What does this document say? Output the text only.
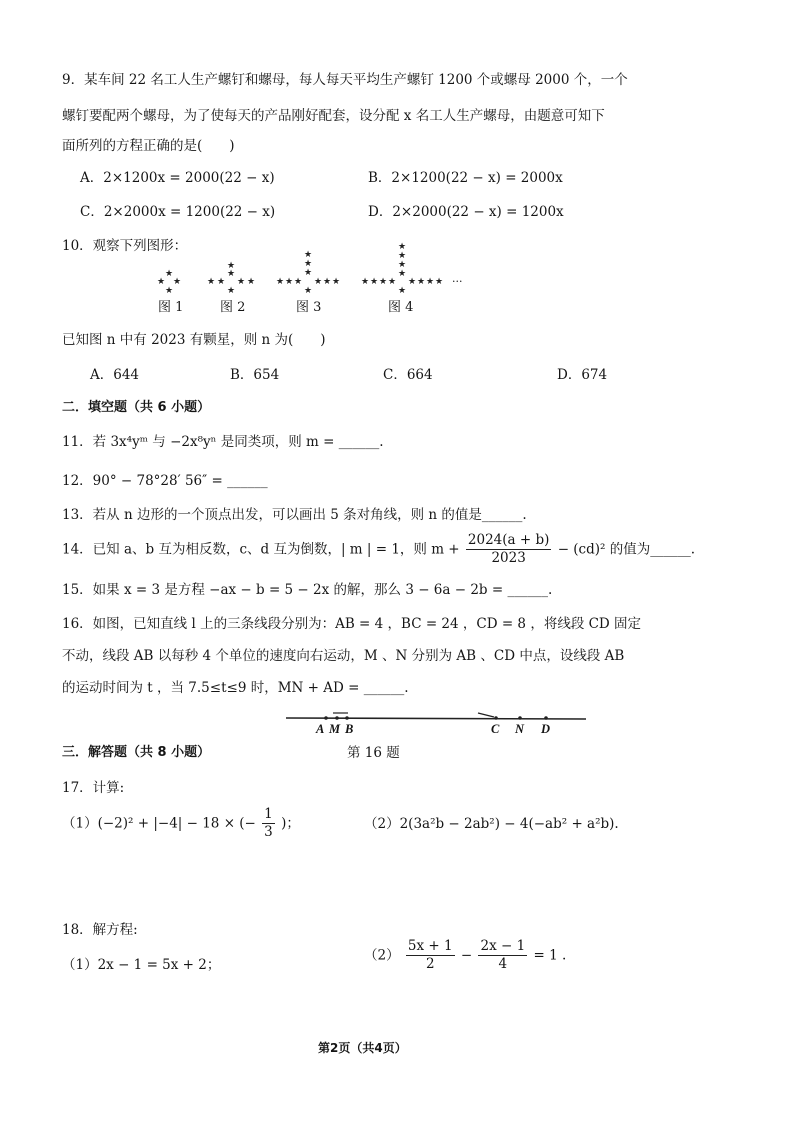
9．某车间 22 名工人生产螺钉和螺母，每人每天平均生产螺钉 1200 个或螺母 2000 个，一个
螺钉要配两个螺母，为了使每天的产品刚好配套，设分配 x 名工人生产螺母，由题意可知下
面所列的方程正确的是(　　)
A．2×1200x = 2000(22 − x)	B．2×1200(22 − x) = 2000x
C．2×2000x = 1200(22 − x)	D．2×2000(22 − x) = 1200x
10．观察下列图形：
★
★ ★
★
★
★
★ ★ ★ ★
★
★
★
★
★ ★ ★ ★ ★ ★
★
★
★
★
★
★ ★ ★ ★ ★ ★ ★ ★
★
···
图 1	图 2	图 3	图 4
已知图 n 中有 2023 有颗星，则 n 为(　　)
A．644	B．654	C．664	D．674
二．填空题（共 6 小题）
11．若 3x⁴yᵐ 与 −2x⁸yⁿ 是同类项，则 m = ______.
12．90° − 78°28′ 56″ = ______
13．若从 n 边形的一个顶点出发，可以画出 5 条对角线，则 n 的值是______.
14．已知 a、b 互为相反数，c、d 互为倒数，| m | = 1，则 $m + \frac{2024(a + b)}{2023} - (cd)^2$ 的值为______.
15．如果 x = 3 是方程 −ax − b = 5 − 2x 的解，那么 3 − 6a − 2b = ______.
16．如图，已知直线 l 上的三条线段分别为：AB = 4 ，BC = 24 ，CD = 8 ，将线段 CD 固定
不动，线段 AB 以每秒 4 个单位的速度向右运动，M 、N 分别为 AB 、CD 中点，设线段 AB
的运动时间为 t ，当 7.5≤t≤9 时，MN + AD = ______.
A M B	C N D
三．解答题（共 8 小题）	第 16 题
17．计算:
（1）(−2)² + |−4| − 18 × (− $\frac{1}{3}$ )；	（2）2(3a²b − 2ab²) − 4(−ab² + a²b).
18．解方程:
（1）2x − 1 = 5x + 2；
$(2) \frac{5x + 1}{2} - \frac{2x - 1}{4} = 1$ .
第2页（共4页）
